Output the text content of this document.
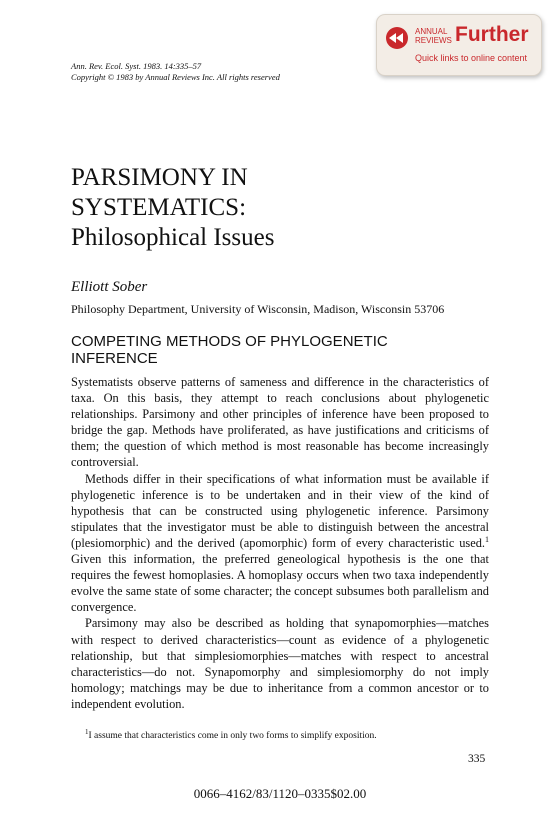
ANNUAL
REVIEWS Further
Quick links to online content
Ann. Rev. Ecol. Syst. 1983. 14:335–57
Copyright © 1983 by Annual Reviews Inc. All rights reserved
PARSIMONY IN
SYSTEMATICS:
Philosophical Issues
Elliott Sober
Philosophy Department, University of Wisconsin, Madison, Wisconsin 53706
COMPETING METHODS OF PHYLOGENETIC INFERENCE

Systematists observe patterns of sameness and difference in the characteristics of taxa. On this basis, they attempt to reach conclusions about phylogenetic relationships. Parsimony and other principles of inference have been proposed to bridge the gap. Methods have proliferated, as have justifications and criticisms of them; the question of which method is most reasonable has become increasingly controversial.

Methods differ in their specifications of what information must be available if phylogenetic inference is to be undertaken and in their view of the kind of hypothesis that can be constructed using phylogenetic inference. Parsimony stipulates that the investigator must be able to distinguish between the ancestral (plesiomorphic) and the derived (apomorphic) form of every characteristic used.$^1$ Given this information, the preferred geneological hypothesis is the one that requires the fewest homoplasies. A homoplasy occurs when two taxa independently evolve the same state of some character; the concept subsumes both parallelism and convergence.

Parsimony may also be described as holding that synapomorphies—matches with respect to derived characteristics—count as evidence of a phylogenetic relationship, but that simplesiomorphies—matches with respect to ancestral characteristics—do not. Synapomorphy and simplesiomorphy do not imply homology; matchings may be due to inheritance from a common ancestor or to independent evolution.

$^1$I assume that characteristics come in only two forms to simplify exposition.
335
0066–4162/83/1120–0335$02.00
